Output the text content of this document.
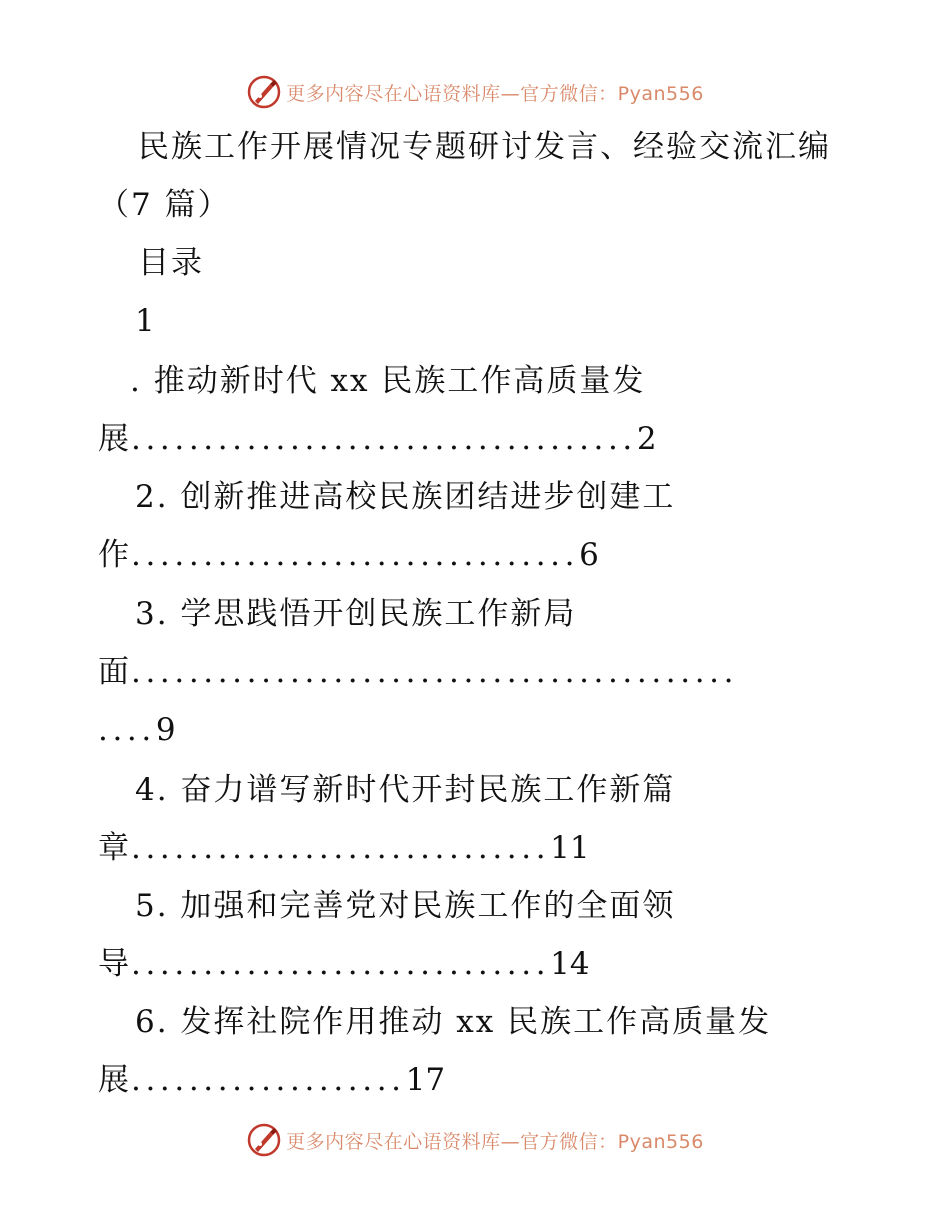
更多内容尽在心语资料库—官方微信：Pyan556
民族工作开展情况专题研讨发言、经验交流汇编
（7 篇）
目录
1
. 推动新时代 xx 民族工作高质量发
展...................................2
2. 创新推进高校民族团结进步创建工
作...............................6
3. 学思践悟开创民族工作新局
面..........................................
....9
4. 奋力谱写新时代开封民族工作新篇
章.............................11
5. 加强和完善党对民族工作的全面领
导.............................14
6. 发挥社院作用推动 xx 民族工作高质量发
展...................17
更多内容尽在心语资料库—官方微信：Pyan556
